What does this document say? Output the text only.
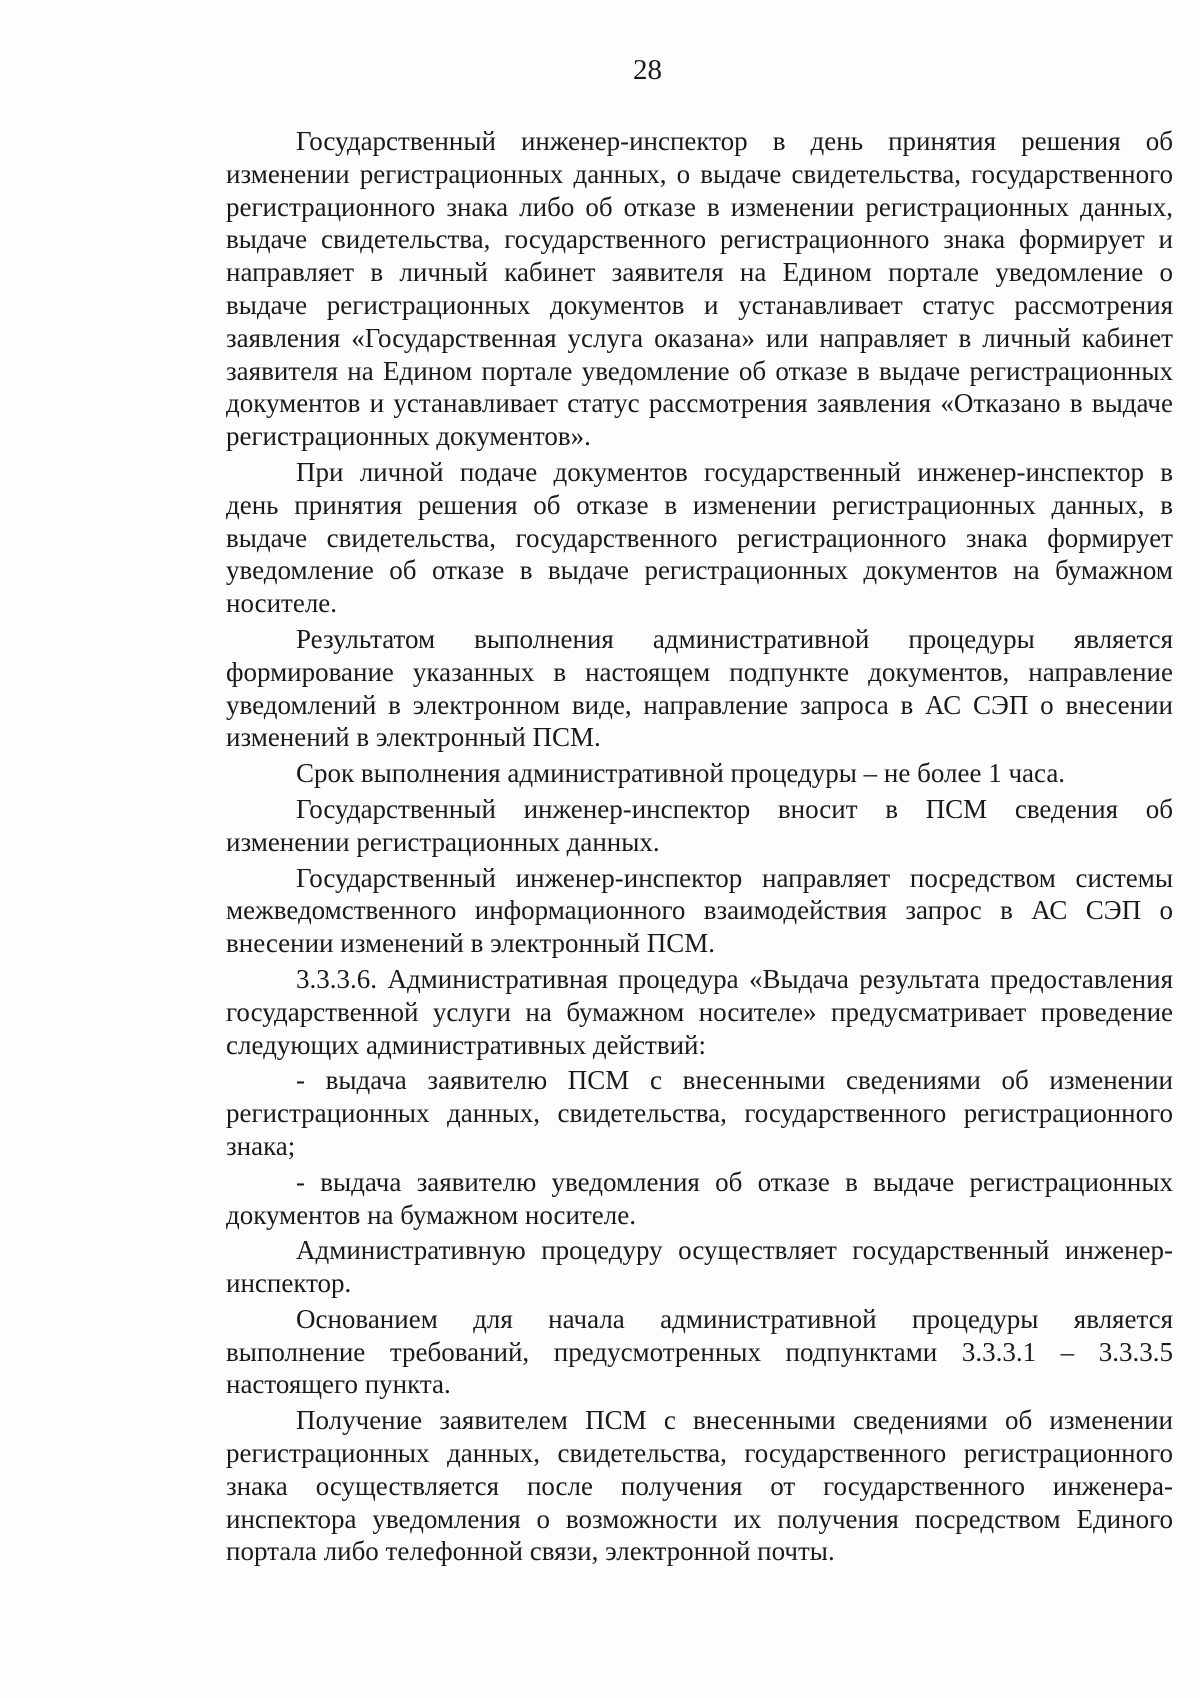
28

Государственный инженер-инспектор в день принятия решения об изменении регистрационных данных, о выдаче свидетельства, государственного регистрационного знака либо об отказе в изменении регистрационных данных, выдаче свидетельства, государственного регистрационного знака формирует и направляет в личный кабинет заявителя на Едином портале уведомление о выдаче регистрационных документов и устанавливает статус рассмотрения заявления «Государственная услуга оказана» или направляет в личный кабинет заявителя на Едином портале уведомление об отказе в выдаче регистрационных документов и устанавливает статус рассмотрения заявления «Отказано в выдаче регистрационных документов».

При личной подаче документов государственный инженер-инспектор в день принятия решения об отказе в изменении регистрационных данных, в выдаче свидетельства, государственного регистрационного знака формирует уведомление об отказе в выдаче регистрационных документов на бумажном носителе.

Результатом выполнения административной процедуры является формирование указанных в настоящем подпункте документов, направление уведомлений в электронном виде, направление запроса в АС СЭП о внесении изменений в электронный ПСМ.

Срок выполнения административной процедуры – не более 1 часа.

Государственный инженер-инспектор вносит в ПСМ сведения об изменении регистрационных данных.

Государственный инженер-инспектор направляет посредством системы межведомственного информационного взаимодействия запрос в АС СЭП о внесении изменений в электронный ПСМ.

3.3.3.6. Административная процедура «Выдача результата предоставления государственной услуги на бумажном носителе» предусматривает проведение следующих административных действий:

- выдача заявителю ПСМ с внесенными сведениями об изменении регистрационных данных, свидетельства, государственного регистрационного знака;

- выдача заявителю уведомления об отказе в выдаче регистрационных документов на бумажном носителе.

Административную процедуру осуществляет государственный инженер-инспектор.

Основанием для начала административной процедуры является выполнение требований, предусмотренных подпунктами 3.3.3.1 – 3.3.3.5 настоящего пункта.

Получение заявителем ПСМ с внесенными сведениями об изменении регистрационных данных, свидетельства, государственного регистрационного знака осуществляется после получения от государственного инженера-инспектора уведомления о возможности их получения посредством Единого портала либо телефонной связи, электронной почты.
